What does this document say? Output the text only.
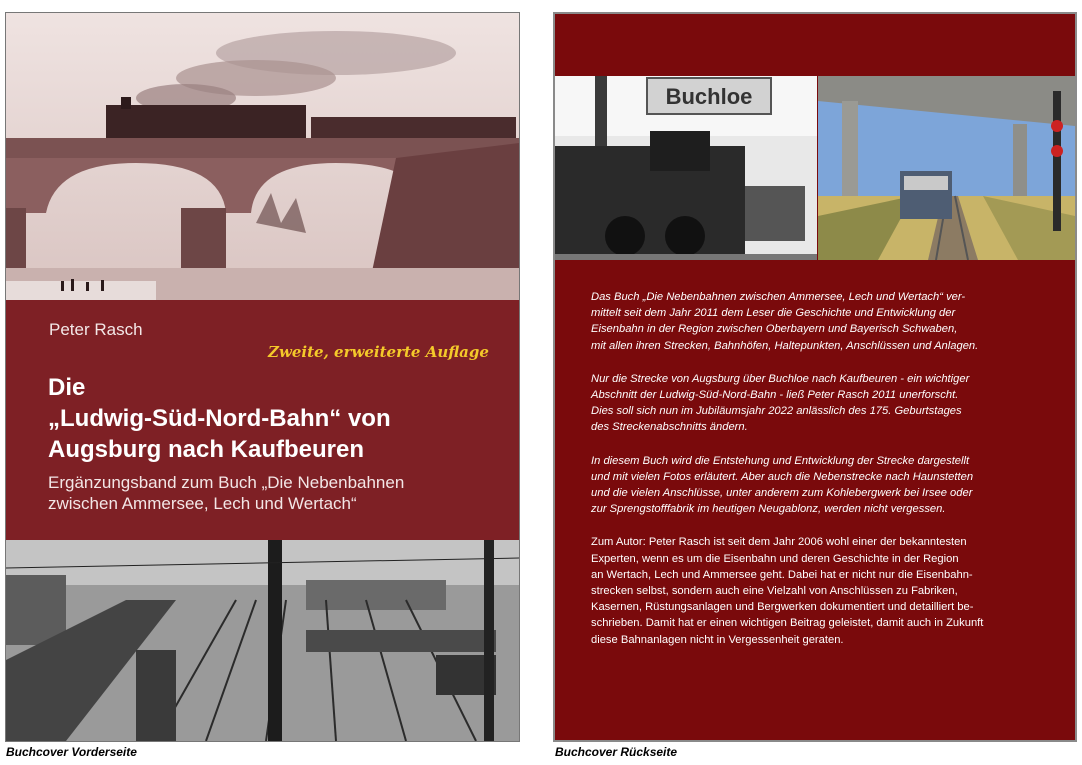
Peter Rasch
Zweite, erweiterte Auflage
Die
„Ludwig-Süd-Nord-Bahn“ von
Augsburg nach Kaufbeuren
Ergänzungsband zum Buch „Die Nebenbahnen
zwischen Ammersee, Lech und Wertach“
Buchloe

Das Buch „Die Nebenbahnen zwischen Ammersee, Lech und Wertach“ ver-
mittelt seit dem Jahr 2011 dem Leser die Geschichte und Entwicklung der
Eisenbahn in der Region zwischen Oberbayern und Bayerisch Schwaben,
mit allen ihren Strecken, Bahnhöfen, Haltepunkten, Anschlüssen und Anlagen.

Nur die Strecke von Augsburg über Buchloe nach Kaufbeuren - ein wichtiger
Abschnitt der Ludwig-Süd-Nord-Bahn - ließ Peter Rasch 2011 unerforscht.
Dies soll sich nun im Jubiläumsjahr 2022 anlässlich des 175. Geburtstages
des Streckenabschnitts ändern.

In diesem Buch wird die Entstehung und Entwicklung der Strecke dargestellt
und mit vielen Fotos erläutert. Aber auch die Nebenstrecke nach Haunstetten
und die vielen Anschlüsse, unter anderem zum Kohlebergwerk bei Irsee oder
zur Sprengstofffabrik im heutigen Neugablonz, werden nicht vergessen.

Zum Autor: Peter Rasch ist seit dem Jahr 2006 wohl einer der bekanntesten
Experten, wenn es um die Eisenbahn und deren Geschichte in der Region
an Wertach, Lech und Ammersee geht. Dabei hat er nicht nur die Eisenbahn-
strecken selbst, sondern auch eine Vielzahl von Anschlüssen zu Fabriken,
Kasernen, Rüstungsanlagen und Bergwerken dokumentiert und detailliert be-
schrieben. Damit hat er einen wichtigen Beitrag geleistet, damit auch in Zukunft
diese Bahnanlagen nicht in Vergessenheit geraten.

Buchcover Vorderseite	Buchcover Rückseite
